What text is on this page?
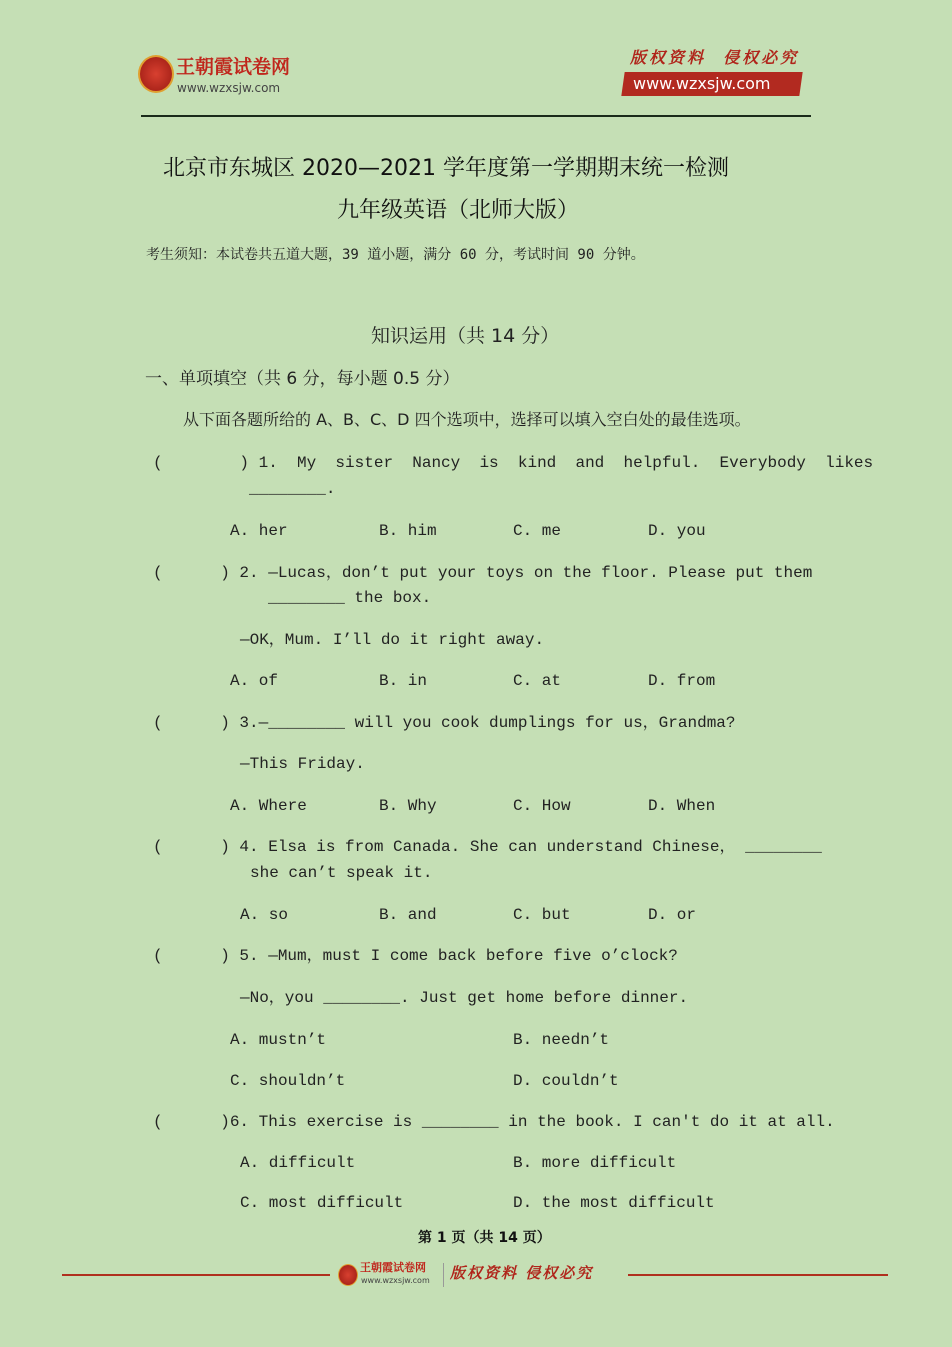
王朝霞试卷网
www.wzxsjw.com
版权资料  侵权必究
www.wzxsjw.com
北京市东城区 2020—2021 学年度第一学期期末统一检测
九年级英语（北师大版）
考生须知：本试卷共五道大题，39 道小题，满分 60 分，考试时间 90 分钟。
知识运用（共 14 分）
一、单项填空（共 6 分，每小题 0.5 分）
从下面各题所给的 A、B、C、D 四个选项中，选择可以填入空白处的最佳选项。
(        ) 1.  My  sister  Nancy  is  kind  and  helpful.  Everybody  likes
________.
A. her	B. him	C. me	D. you
(      ) 2. —Lucas，don’t put your toys on the floor. Please put them
________ the box.
—OK，Mum. I’ll do it right away.
A. of	B. in	C. at	D. from
(      ) 3.—________ will you cook dumplings for us，Grandma?
—This Friday.
A. Where	B. Why	C. How	D. When
(      ) 4. Elsa is from Canada. She can understand Chinese， ________
she can’t speak it.
A. so	B. and	C. but	D. or
(      ) 5. —Mum，must I come back before five o’clock?
—No，you ________. Just get home before dinner.
A. mustn’t	B. needn’t
C. shouldn’t	D. couldn’t
(      )6. This exercise is ________ in the book. I can't do it at all.
A. difficult	B. more difficult
C. most difficult	D. the most difficult
第 1 页（共 14 页）
王朝霞试卷网
www.wzxsjw.com 版权资料 侵权必究
